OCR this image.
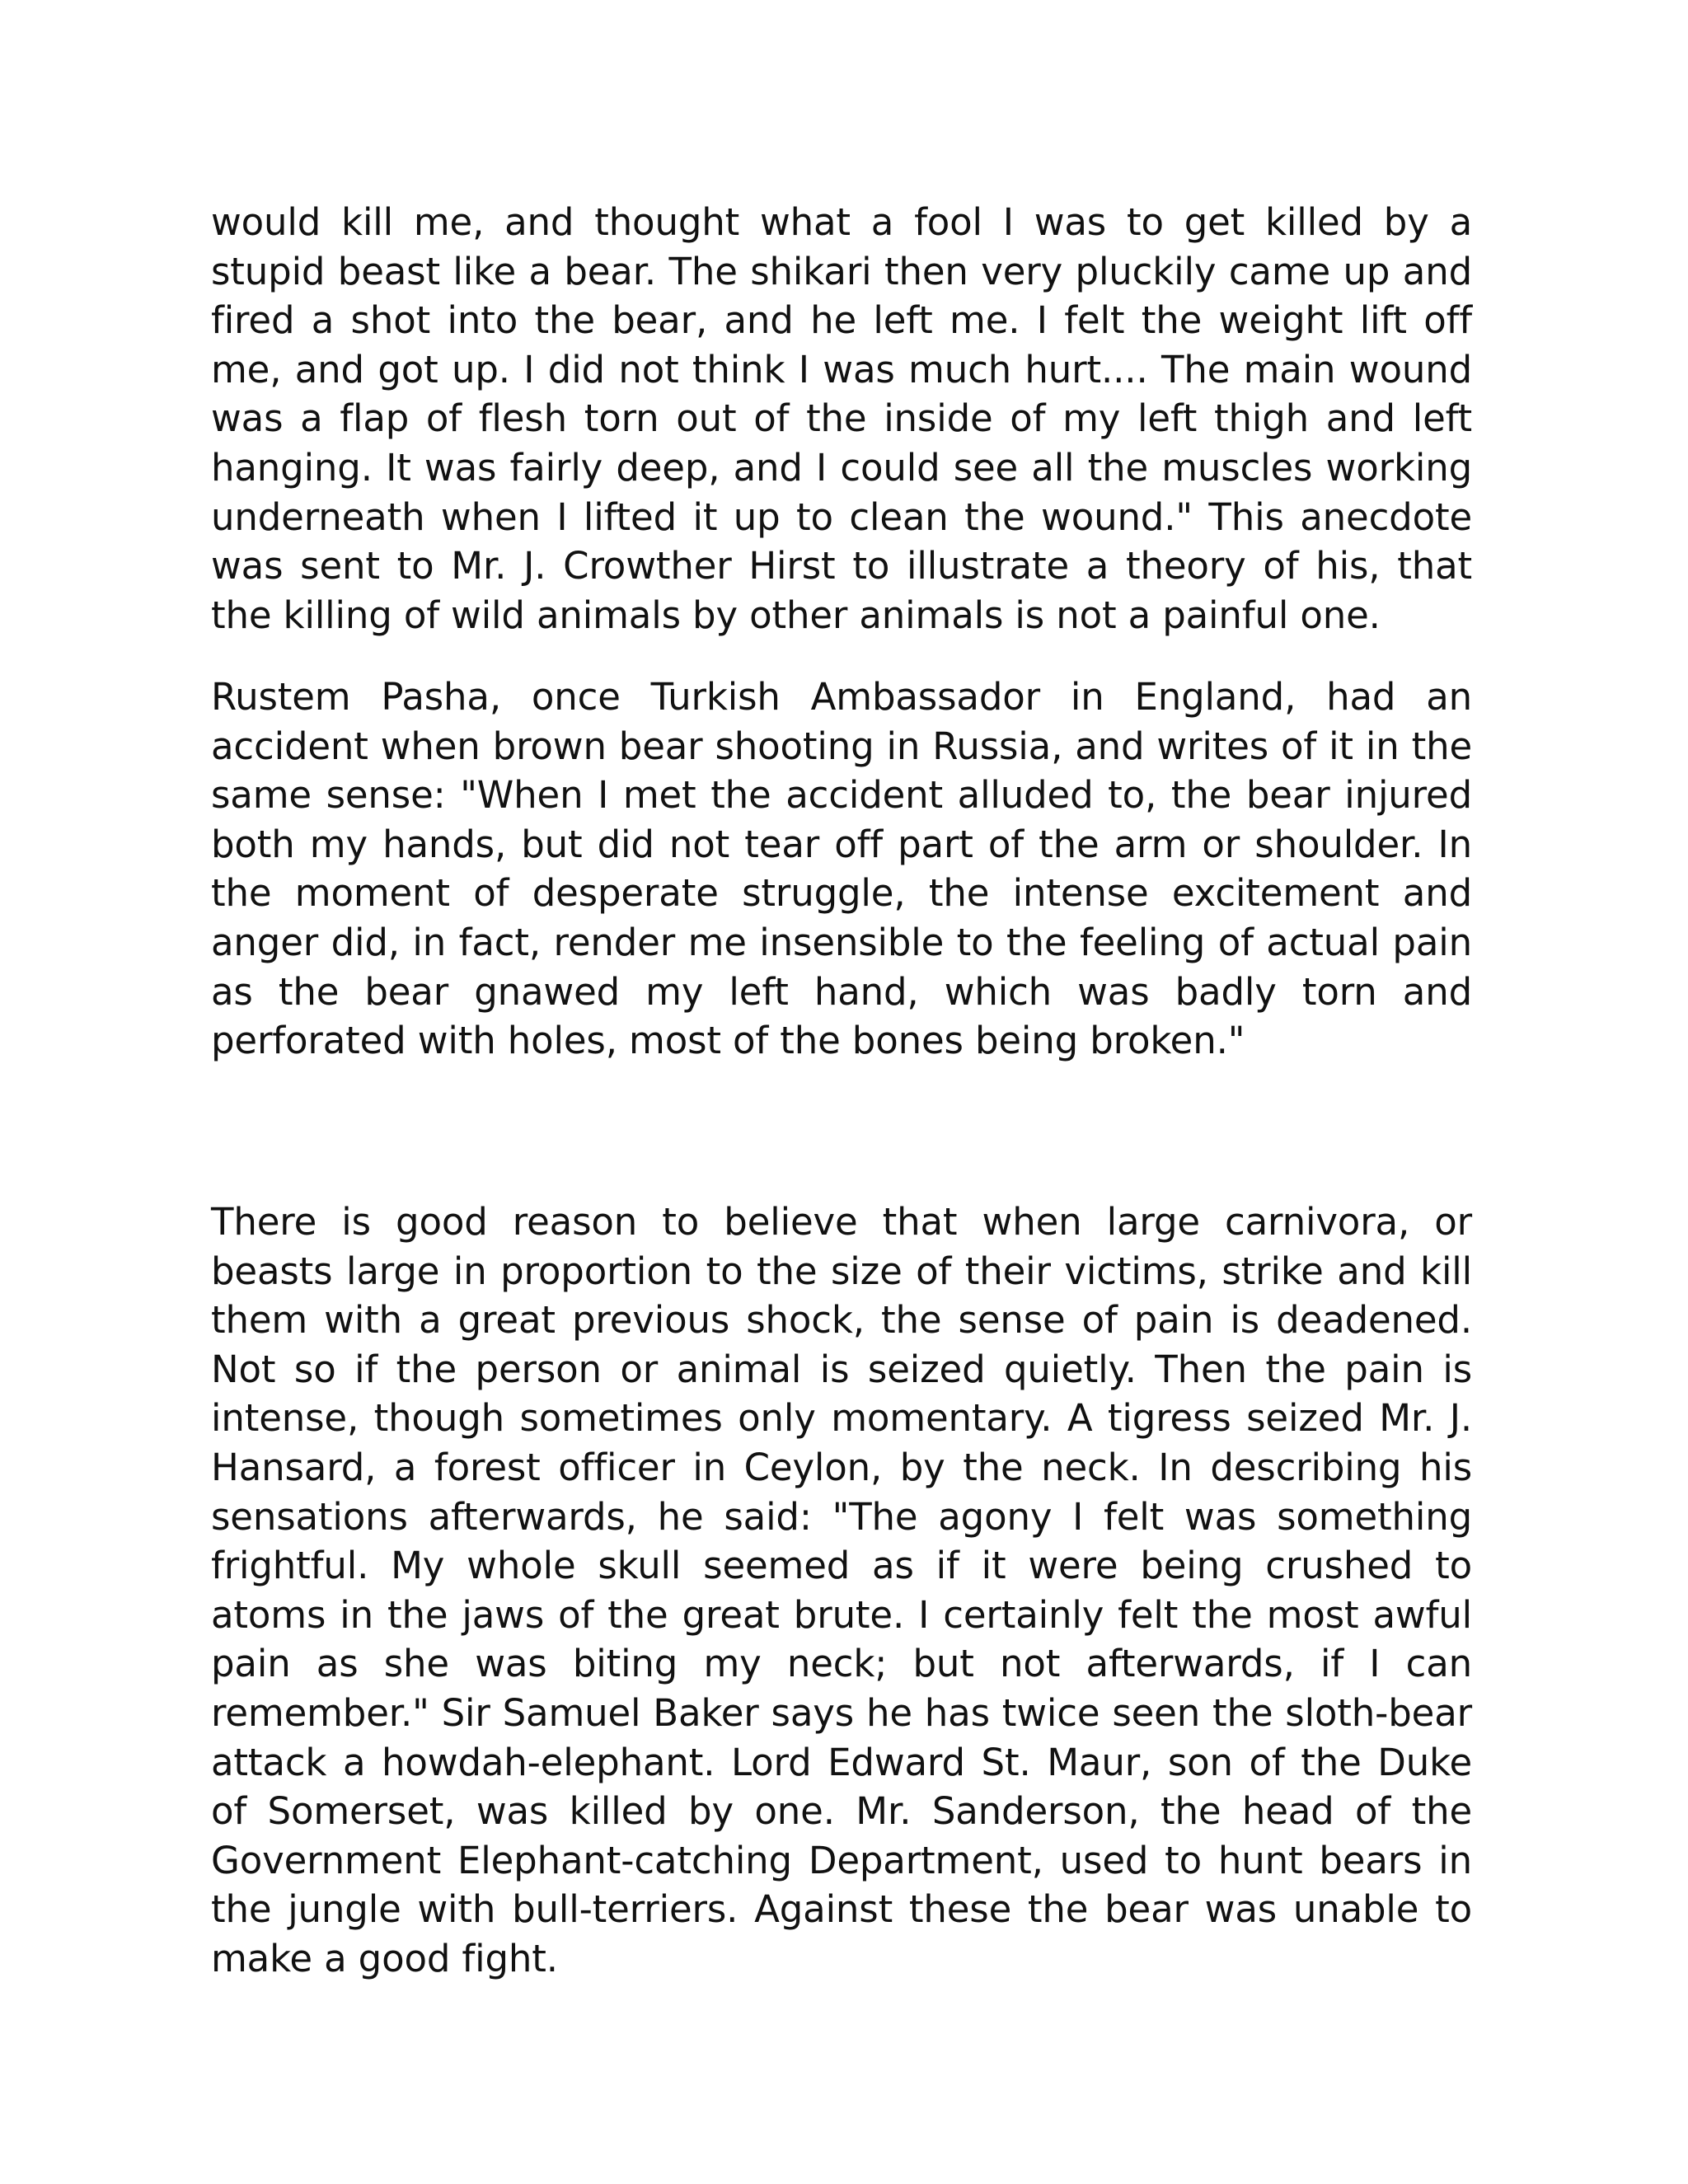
would kill me, and thought what a fool I was to get killed by a stupid beast like a bear. The shikari then very pluckily came up and fired a shot into the bear, and he left me. I felt the weight lift off me, and got up. I did not think I was much hurt.... The main wound was a flap of flesh torn out of the inside of my left thigh and left hanging. It was fairly deep, and I could see all the muscles working underneath when I lifted it up to clean the wound." This anecdote was sent to Mr. J. Crowther Hirst to illustrate a theory of his, that the killing of wild animals by other animals is not a painful one.

Rustem Pasha, once Turkish Ambassador in England, had an accident when brown bear shooting in Russia, and writes of it in the same sense: "When I met the accident alluded to, the bear injured both my hands, but did not tear off part of the arm or shoulder. In the moment of desperate struggle, the intense excitement and anger did, in fact, render me insensible to the feeling of actual pain as the bear gnawed my left hand, which was badly torn and perforated with holes, most of the bones being broken."

There is good reason to believe that when large carnivora, or beasts large in proportion to the size of their victims, strike and kill them with a great previous shock, the sense of pain is deadened. Not so if the person or animal is seized quietly. Then the pain is intense, though sometimes only momentary. A tigress seized Mr. J. Hansard, a forest officer in Ceylon, by the neck. In describing his sensations afterwards, he said: "The agony I felt was something frightful. My whole skull seemed as if it were being crushed to atoms in the jaws of the great brute. I certainly felt the most awful pain as she was biting my neck; but not afterwards, if I can remember." Sir Samuel Baker says he has twice seen the sloth-bear attack a howdah-elephant. Lord Edward St. Maur, son of the Duke of Somerset, was killed by one. Mr. Sanderson, the head of the Government Elephant-catching Department, used to hunt bears in the jungle with bull-terriers. Against these the bear was unable to make a good fight.
